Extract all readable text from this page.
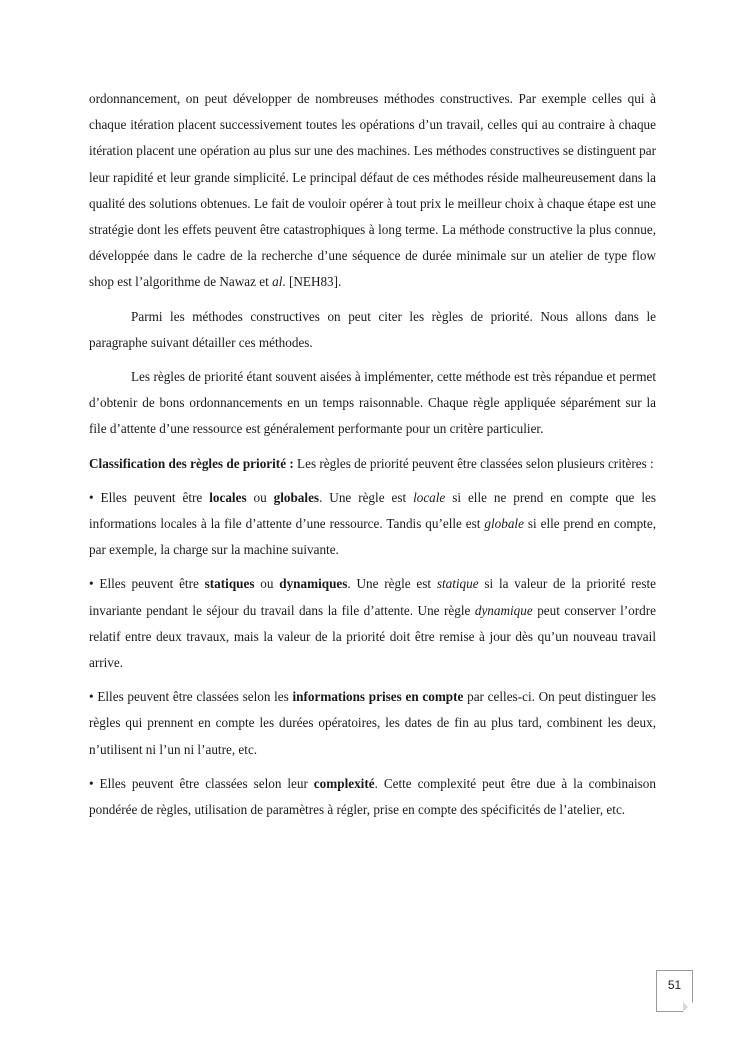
ordonnancement, on peut développer de nombreuses méthodes constructives. Par exemple celles qui à chaque itération placent successivement toutes les opérations d’un travail, celles qui au contraire à chaque itération placent une opération au plus sur une des machines. Les méthodes constructives se distinguent par leur rapidité et leur grande simplicité. Le principal défaut de ces méthodes réside malheureusement dans la qualité des solutions obtenues. Le fait de vouloir opérer à tout prix le meilleur choix à chaque étape est une stratégie dont les effets peuvent être catastrophiques à long terme. La méthode constructive la plus connue, développée dans le cadre de la recherche d’une séquence de durée minimale sur un atelier de type flow shop est l’algorithme de Nawaz et al. [NEH83].

Parmi les méthodes constructives on peut citer les règles de priorité. Nous allons dans le paragraphe suivant détailler ces méthodes.

Les règles de priorité étant souvent aisées à implémenter, cette méthode est très répandue et permet d’obtenir de bons ordonnancements en un temps raisonnable. Chaque règle appliquée séparément sur la file d’attente d’une ressource est généralement performante pour un critère particulier.

Classification des règles de priorité : Les règles de priorité peuvent être classées selon plusieurs critères :

• Elles peuvent être locales ou globales. Une règle est locale si elle ne prend en compte que les informations locales à la file d’attente d’une ressource. Tandis qu’elle est globale si elle prend en compte, par exemple, la charge sur la machine suivante.

• Elles peuvent être statiques ou dynamiques. Une règle est statique si la valeur de la priorité reste invariante pendant le séjour du travail dans la file d’attente. Une règle dynamique peut conserver l’ordre relatif entre deux travaux, mais la valeur de la priorité doit être remise à jour dès qu’un nouveau travail arrive.

• Elles peuvent être classées selon les informations prises en compte par celles-ci. On peut distinguer les règles qui prennent en compte les durées opératoires, les dates de fin au plus tard, combinent les deux, n’utilisent ni l’un ni l’autre, etc.

• Elles peuvent être classées selon leur complexité. Cette complexité peut être due à la combinaison pondérée de règles, utilisation de paramètres à régler, prise en compte des spécificités de l’atelier, etc.

51
